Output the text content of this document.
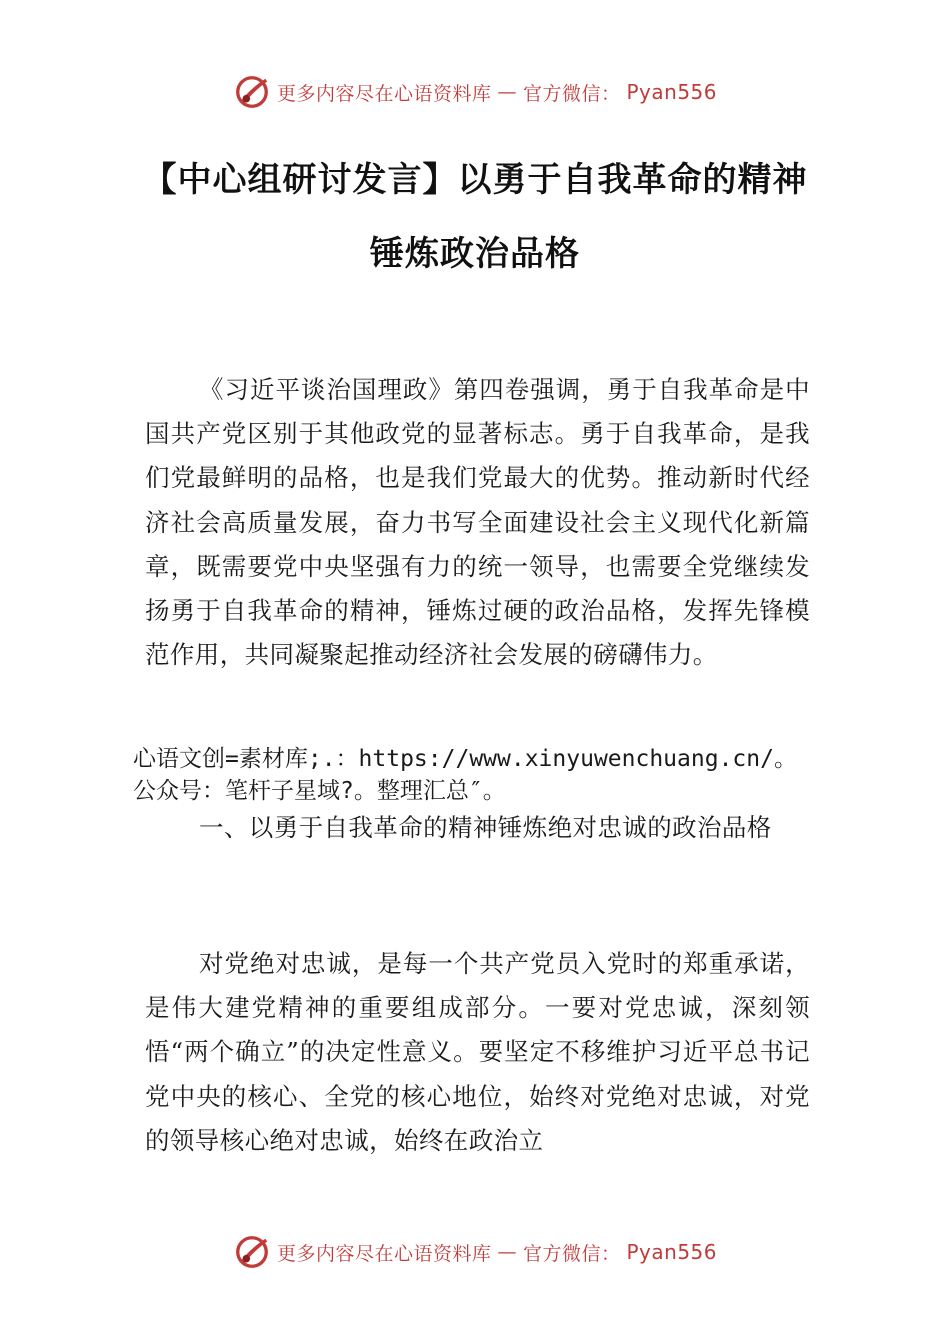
更多内容尽在心语资料库 — 官方微信： Pyan556
【中心组研讨发言】以勇于自我革命的精神
锤炼政治品格

《习近平谈治国理政》第四卷强调，勇于自我革命是中国共产党区别于其他政党的显著标志。勇于自我革命，是我们党最鲜明的品格，也是我们党最大的优势。推动新时代经济社会高质量发展，奋力书写全面建设社会主义现代化新篇章，既需要党中央坚强有力的统一领导，也需要全党继续发扬勇于自我革命的精神，锤炼过硬的政治品格，发挥先锋模范作用，共同凝聚起推动经济社会发展的磅礴伟力。

心语文创=素材库;.：https://www.xinyuwenchuang.cn/。
公众号：笔杆子星域?。整理汇总″。
一、以勇于自我革命的精神锤炼绝对忠诚的政治品格

对党绝对忠诚，是每一个共产党员入党时的郑重承诺，是伟大建党精神的重要组成部分。一要对党忠诚，深刻领悟“两个确立”的决定性意义。要坚定不移维护习近平总书记党中央的核心、全党的核心地位，始终对党绝对忠诚，对党的领导核心绝对忠诚，始终在政治立

更多内容尽在心语资料库 — 官方微信： Pyan556
